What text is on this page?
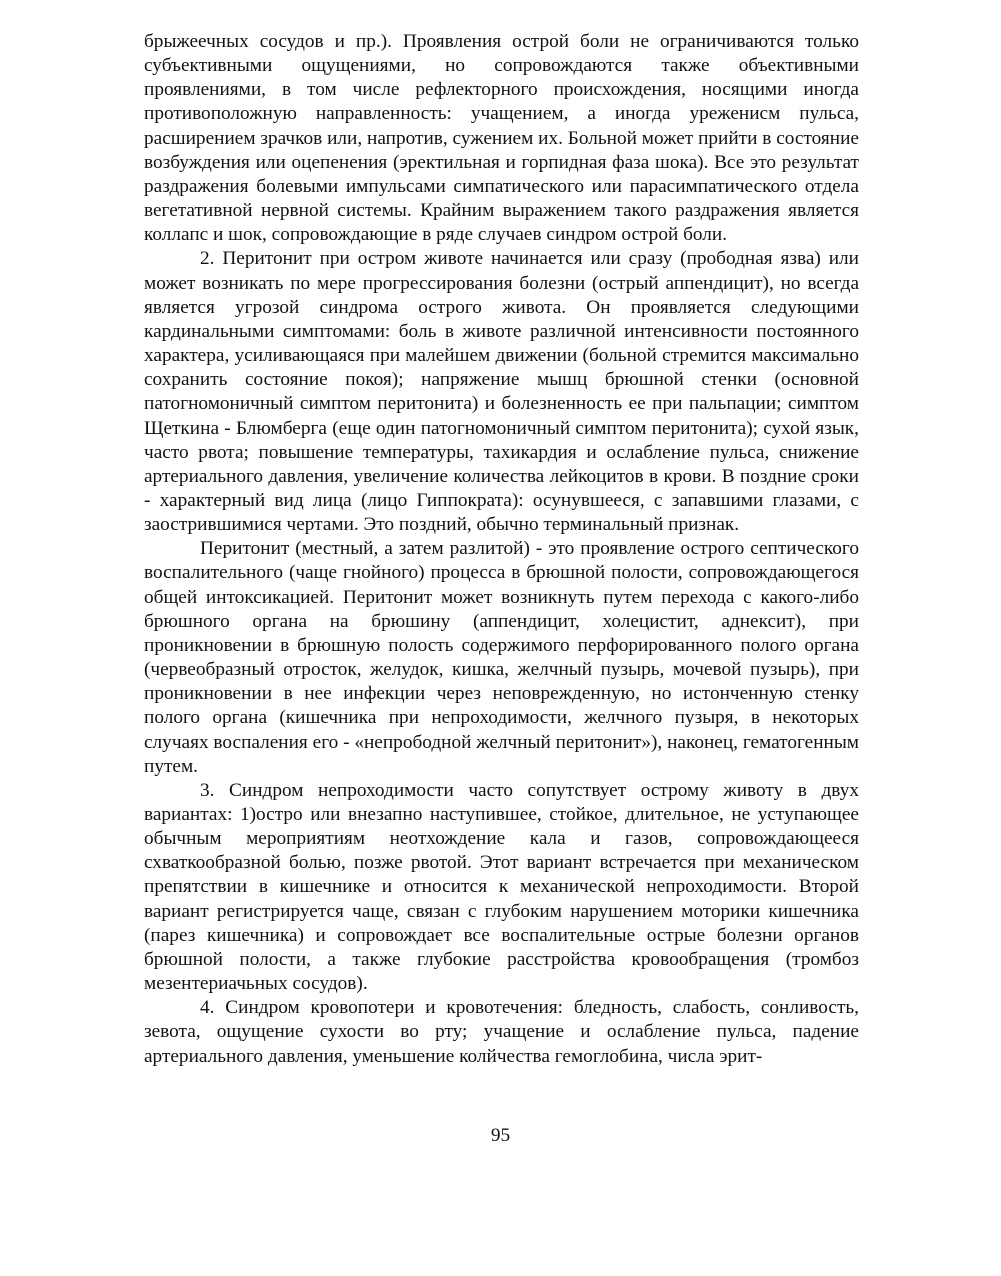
брыжеечных сосудов и пр.). Проявления острой боли не ограничиваются только субъективными ощущениями, но сопровождаются также объективными проявлениями, в том числе рефлекторного происхождения, носящими иногда противоположную направленность: учащением, а иногда урежениcм пульса, расширением зрачков или, напротив, сужением их. Больной может прийти в состояние возбуждения или оцепенения (эректильная и горпидная фаза шока). Все это результат раздражения болевыми импульсами симпатического или парасимпатического отдела вегетативной нервной системы. Крайним выражением такого раздражения является коллапс и шок, сопровождающие в ряде случаев синдром острой боли.

2. Перитонит при остром животе начинается или сразу (прободная язва) или может возникать по мере прогрессирования болезни (острый аппендицит), но всегда является угрозой синдрома острого живота. Он проявляется следующими кардинальными симптомами: боль в животе различной интенсивности постоянного характера, усиливающаяся при малейшем движении (больной стремится максимально сохранить состояние покоя); напряжение мышц брюшной стенки (основной патогномоничный симптом перитонита) и болезненность ее при пальпации; симптом Щеткина - Блюмберга (еще один патогномоничный симптом перитонита); сухой язык, часто рвота; повышение температуры, тахикардия и ослабление пульса, снижение артериального давления, увеличение количества лейкоцитов в крови. В поздние сроки - характерный вид лица (лицо Гиппократа): осунувшееся, с запавшими глазами, с заострившимися чертами. Это поздний, обычно терминальный признак.

Перитонит (местный, а затем разлитой) - это проявление острого септического воспалительного (чаще гнойного) процесса в брюшной полости, сопровождающегося общей интоксикацией. Перитонит может возникнуть путем перехода с какого-либо брюшного органа на брюшину (аппендицит, холецистит, аднексит), при проникновении в брюшную полость содержимого перфорированного полого органа (червеобразный отросток, желудок, кишка, желчный пузырь, мочевой пузырь), при проникновении в нее инфекции через неповрежденную, но истонченную стенку полого органа (кишечника при непроходимости, желчного пузыря, в некоторых случаях воспаления его - «непрободной желчный перитонит»), наконец, гематогенным путем.

3. Синдром непроходимости часто сопутствует острому животу в двух вариантах: 1)остро или внезапно наступившее, стойкое, длительное, не уступающее обычным мероприятиям неотхождение кала и газов, сопровождающееся схваткообразной болью, позже рвотой. Этот вариант встречается при механическом препятствии в кишечнике и относится к механической непроходимости. Второй вариант регистрируется чаще, связан с глубоким нарушением моторики кишечника (парез кишечника) и сопровождает все воспалительные острые болезни органов брюшной полости, а также глубокие расстройства кровообращения (тромбоз мезентериачьных сосудов).

4. Синдром кровопотери и кровотечения: бледность, слабость, сонливость, зевота, ощущение сухости во рту; учащение и ослабление пульса, падение артериального давления, уменьшение колйчества гемоглобина, числа эрит-

95
